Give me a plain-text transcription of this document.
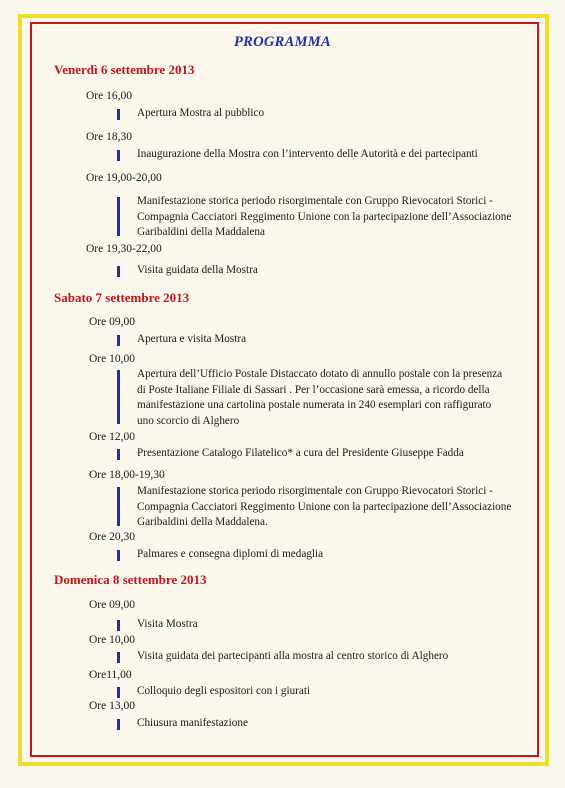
PROGRAMMA
Venerdì 6 settembre 2013
Ore 16,00
Apertura Mostra al pubblico
Ore 18,30
Inaugurazione della Mostra con l’intervento delle Autorità e dei partecipanti
Ore 19,00-20,00
Manifestazione storica periodo risorgimentale con Gruppo Rievocatori Storici -
Compagnia Cacciatori Reggimento Unione con la partecipazione dell’Associazione
Garibaldini della Maddalena
Ore 19,30-22,00
Visita guidata della Mostra
Sabato 7 settembre 2013
Ore 09,00
Apertura e visita Mostra
Ore 10,00
Apertura dell’Ufficio Postale Distaccato dotato di annullo postale con la presenza
di Poste Italiane Filiale di Sassari . Per l’occasione sarà emessa, a ricordo della
manifestazione una cartolina postale numerata in 240 esemplari con raffigurato
uno scorcio di Alghero
Ore 12,00
Presentazione Catalogo Filatelico* a cura del Presidente Giuseppe Fadda
Ore 18,00-19,30
Manifestazione storica periodo risorgimentale con Gruppo Rievocatori Storici -
Compagnia Cacciatori Reggimento Unione con la partecipazione dell’Associazione
Garibaldini della Maddalena.
Ore 20,30
Palmares e consegna diplomi di medaglia
Domenica 8 settembre 2013
Ore 09,00
Visita Mostra
Ore 10,00
Visita guidata dei partecipanti alla mostra al centro storico di Alghero
Ore11,00
Colloquio degli espositori con i giurati
Ore 13,00
Chiusura manifestazione
